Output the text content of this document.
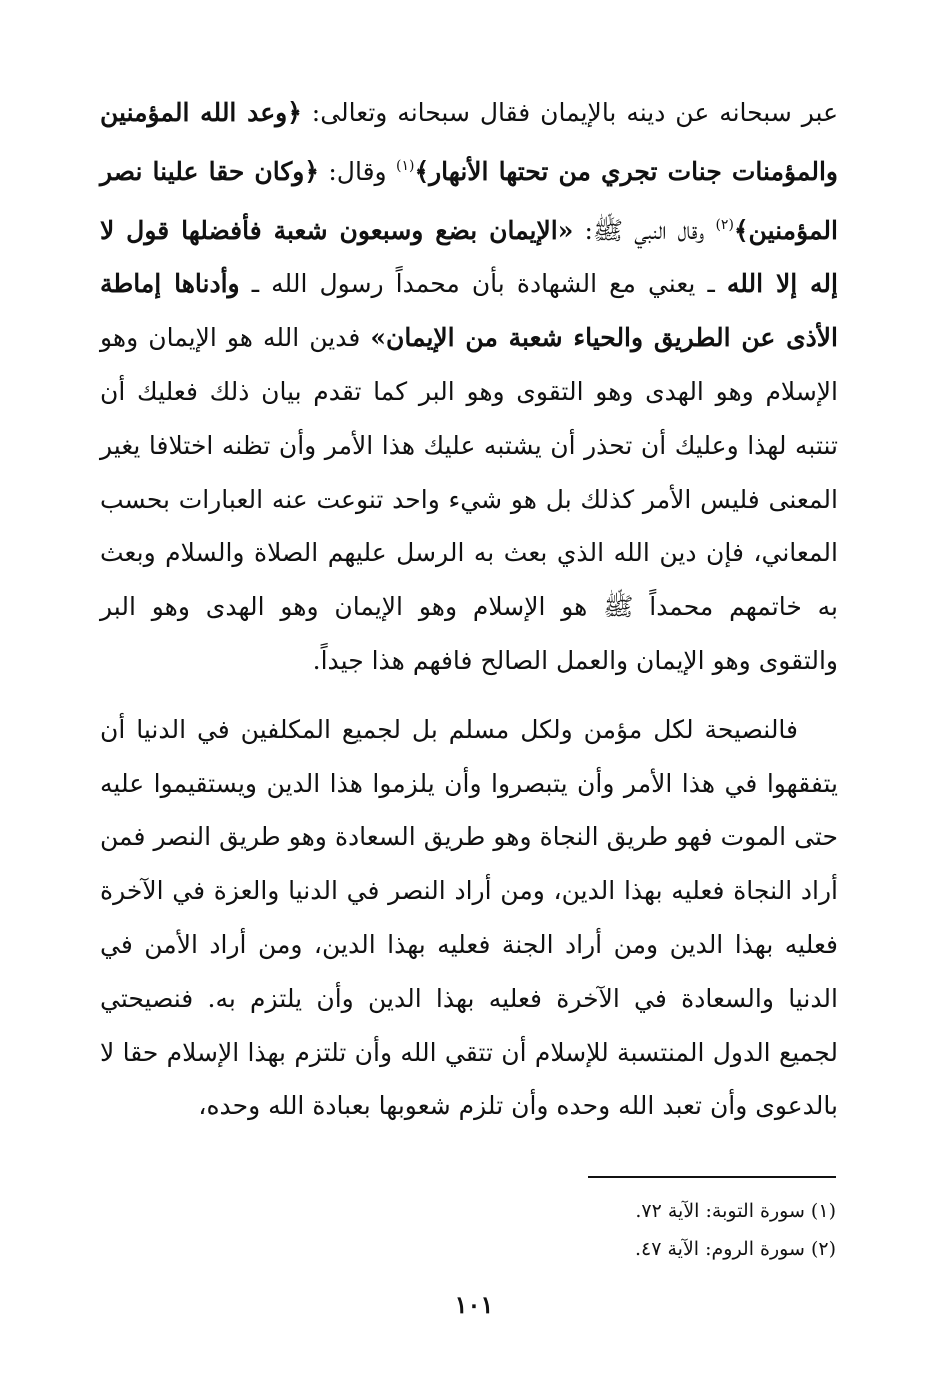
عبر سبحانه عن دينه بالإيمان فقال سبحانه وتعالى: ﴿وعد الله المؤمنين والمؤمنات جنات تجري من تحتها الأنهار﴾$^{(١)}$ وقال: ﴿وكان حقا علينا نصر المؤمنين﴾$^{(٢)}$ وقال النبي ﷺ: «الإيمان بضع وسبعون شعبة فأفضلها قول لا إله إلا الله ـ يعني مع الشهادة بأن محمداً رسول الله ـ وأدناها إماطة الأذى عن الطريق والحياء شعبة من الإيمان» فدين الله هو الإيمان وهو الإسلام وهو الهدى وهو التقوى وهو البر كما تقدم بيان ذلك فعليك أن تنتبه لهذا وعليك أن تحذر أن يشتبه عليك هذا الأمر وأن تظنه اختلافا يغير المعنى فليس الأمر كذلك بل هو شيء واحد تنوعت عنه العبارات بحسب المعاني، فإن دين الله الذي بعث به الرسل عليهم الصلاة والسلام وبعث به خاتمهم محمداً ﷺ هو الإسلام وهو الإيمان وهو الهدى وهو البر والتقوى وهو الإيمان والعمل الصالح فافهم هذا جيداً.

فالنصيحة لكل مؤمن ولكل مسلم بل لجميع المكلفين في الدنيا أن يتفقهوا في هذا الأمر وأن يتبصروا وأن يلزموا هذا الدين ويستقيموا عليه حتى الموت فهو طريق النجاة وهو طريق السعادة وهو طريق النصر فمن أراد النجاة فعليه بهذا الدين، ومن أراد النصر في الدنيا والعزة في الآخرة فعليه بهذا الدين ومن أراد الجنة فعليه بهذا الدين، ومن أراد الأمن في الدنيا والسعادة في الآخرة فعليه بهذا الدين وأن يلتزم به. فنصيحتي لجميع الدول المنتسبة للإسلام أن تتقي الله وأن تلتزم بهذا الإسلام حقا لا بالدعوى وأن تعبد الله وحده وأن تلزم شعوبها بعبادة الله وحده،

(١) سورة التوبة: الآية ٧٢.
(٢) سورة الروم: الآية ٤٧.
١٠١
